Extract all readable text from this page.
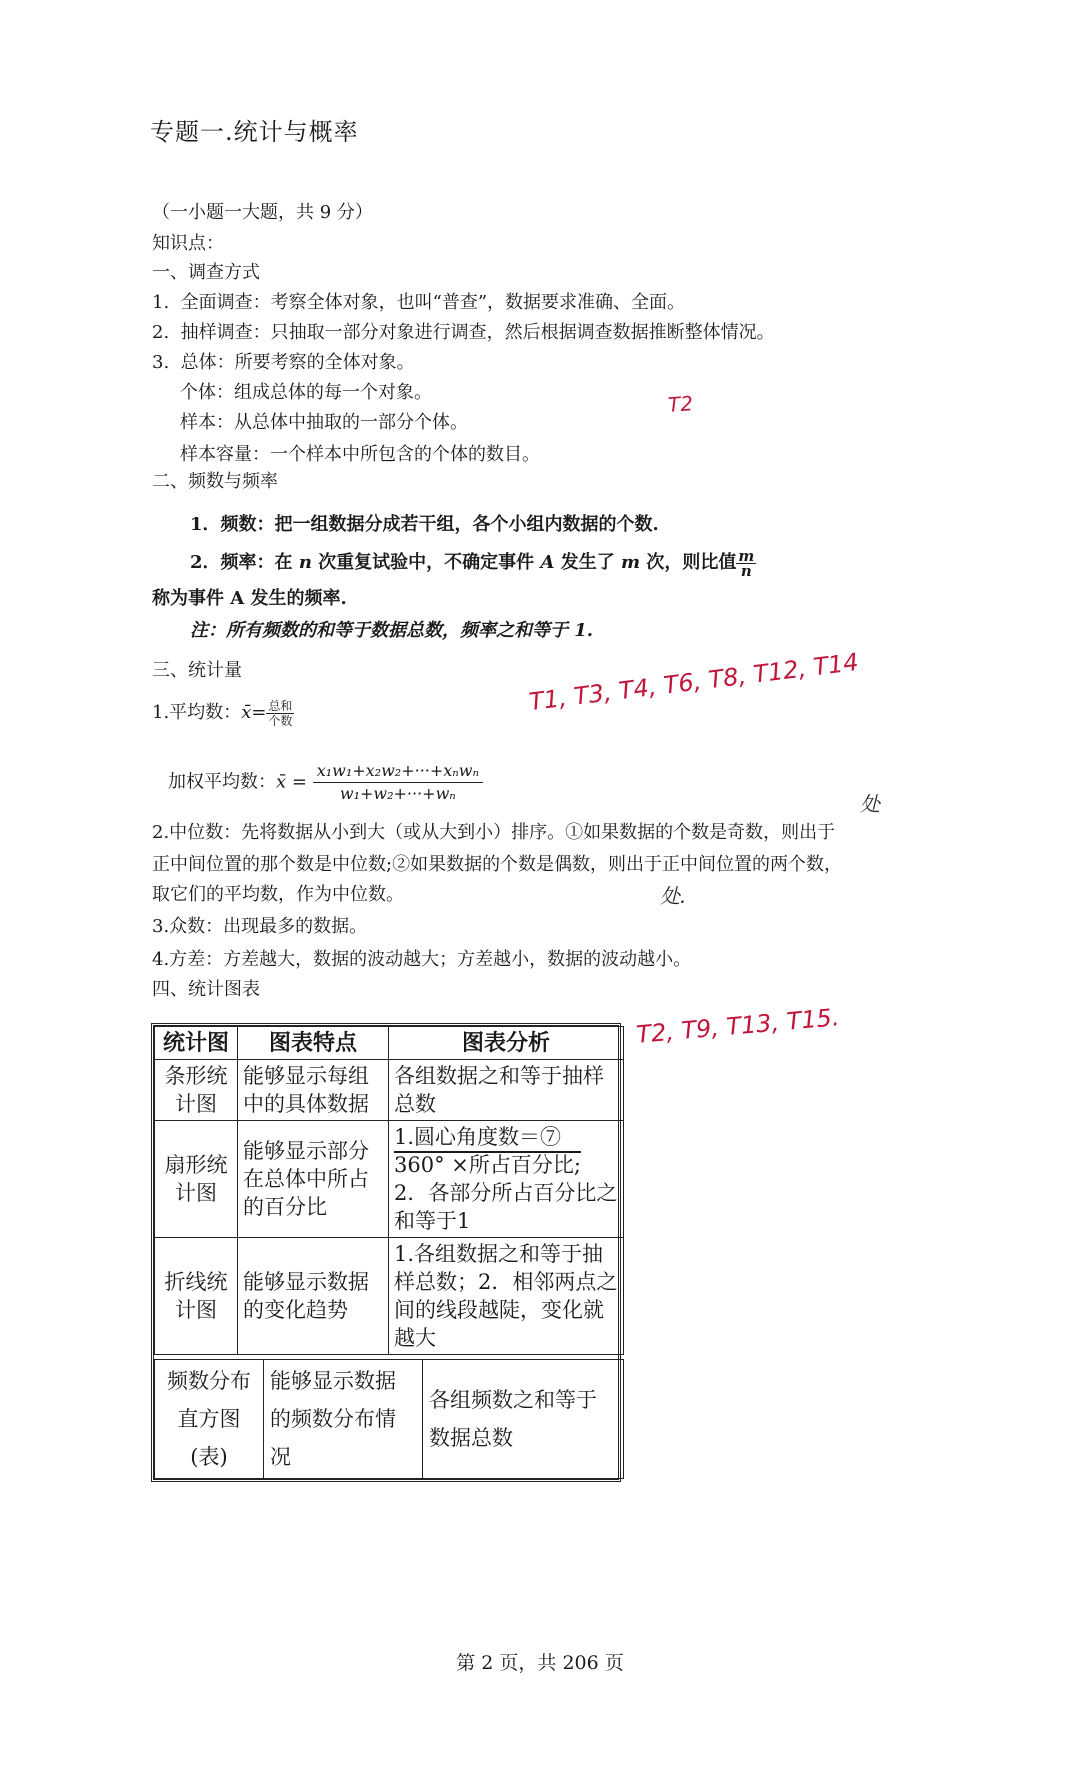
专题一.统计与概率
（一小题一大题，共 9 分）
知识点：
一、调查方式
1. 全面调查：考察全体对象，也叫“普查”，数据要求准确、全面。
2. 抽样调查：只抽取一部分对象进行调查，然后根据调查数据推断整体情况。
3. 总体：所要考察的全体对象。
个体：组成总体的每一个对象。
样本：从总体中抽取的一部分个体。
样本容量：一个样本中所包含的个体的数目。
二、频数与频率
1．频数：把一组数据分成若干组，各个小组内数据的个数.
2．频率：在 n 次重复试验中，不确定事件 A 发生了 m 次，则比值 $\frac{m}{n}$
称为事件 A 发生的频率.
注：所有频数的和等于数据总数，频率之和等于 1.
三、统计量
1.平均数：x̄= $\frac{\text{总和}}{\text{个数}}$
加权平均数：x̄ = $\frac{\text{x₁w₁+x₂w₂+···+xₙwₙ}}{\text{w₁+w₂+···+wₙ}}$
2.中位数：先将数据从小到大（或从大到小）排序。①如果数据的个数是奇数，则出于
正中间位置的那个数是中位数;②如果数据的个数是偶数，则出于正中间位置的两个数，
取它们的平均数，作为中位数。
3.众数：出现最多的数据。
4.方差：方差越大，数据的波动越大；方差越小，数据的波动越小。
四、统计图表
统计图	图表特点	图表分析
条形统计图	能够显示每组中的具体数据	各组数据之和等于抽样总数
扇形统计图	能够显示部分在总体中所占的百分比	1.圆心角度数＝⑦
360° ×所占百分比;
2．各部分所占百分比之和等于1

折线统计图	能够显示数据的变化趋势	1.各组数据之和等于抽样总数；2．相邻两点之间的线段越陡，变化就越大
频数分布直方图(表)	能够显示数据的频数分布情况	各组频数之和等于数据总数
T2
T1, T3, T4, T6, T8, T12, T14
处
处.
T2, T9, T13, T15.
第 2 页，共 206 页
